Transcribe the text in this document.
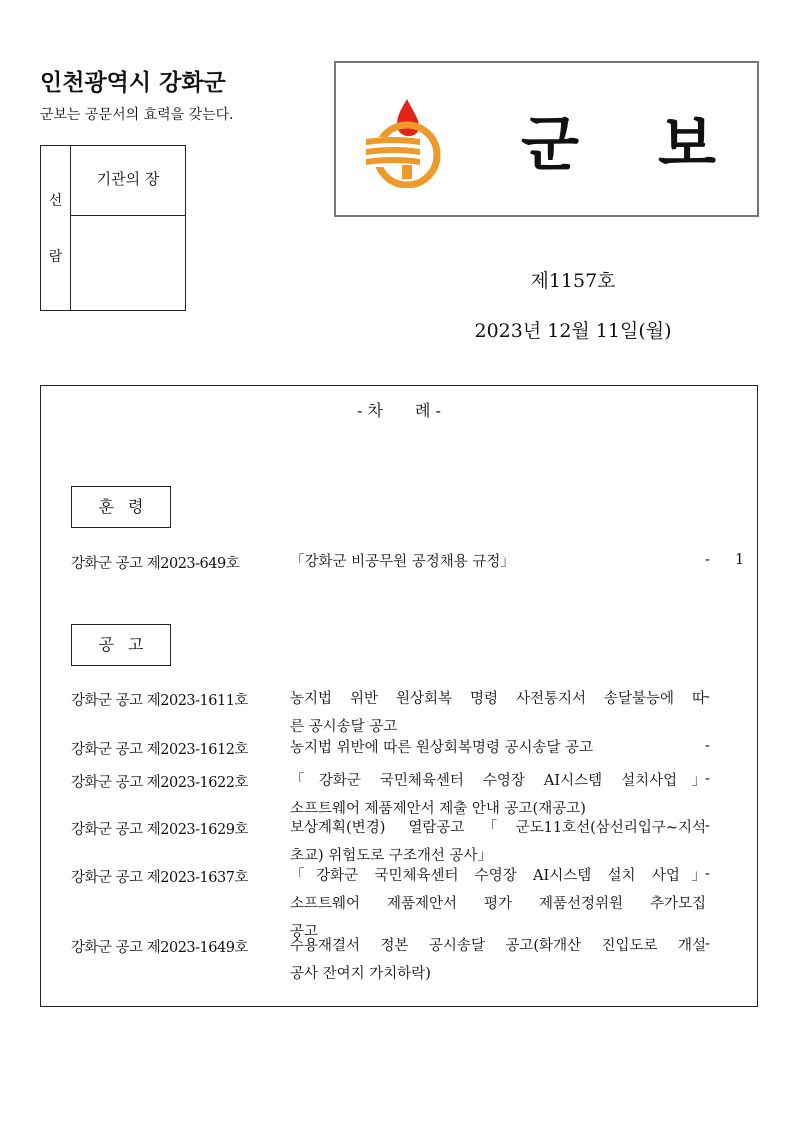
인천광역시 강화군
군보는 공문서의 효력을 갖는다.
선
람
기관의 장	군 보
제1157호
2023년 12월 11일(월)
- 차　　례 -
훈령
강화군 공고 제2023-649호	「강화군 비공무원 공정채용 규정」	- 1
공고
강화군 공고 제2023-1611호	농지법 위반 원상회복 명령 사전통지서 송달불능에 따
른 공시송달 공고
-
강화군 공고 제2023-1612호	농지법 위반에 따른 원상회복명령 공시송달 공고	-
강화군 공고 제2023-1622호	「강화군 국민체육센터 수영장 AI시스템 설치사업」
소프트웨어 제품제안서 제출 안내 공고(재공고)
-
강화군 공고 제2023-1629호	보상계획(변경) 열람공고「군도11호선(삼선리입구~지석
초교) 위험도로 구조개선 공사」
-
강화군 공고 제2023-1637호	「강화군 국민체육센터 수영장 AI시스템 설치 사업」
소프트웨어 제품제안서 평가 제품선정위원 추가모집
공고
-
강화군 공고 제2023-1649호	수용재결서 정본 공시송달 공고(화개산 진입도로 개설
공사 잔여지 가치하락)
-
